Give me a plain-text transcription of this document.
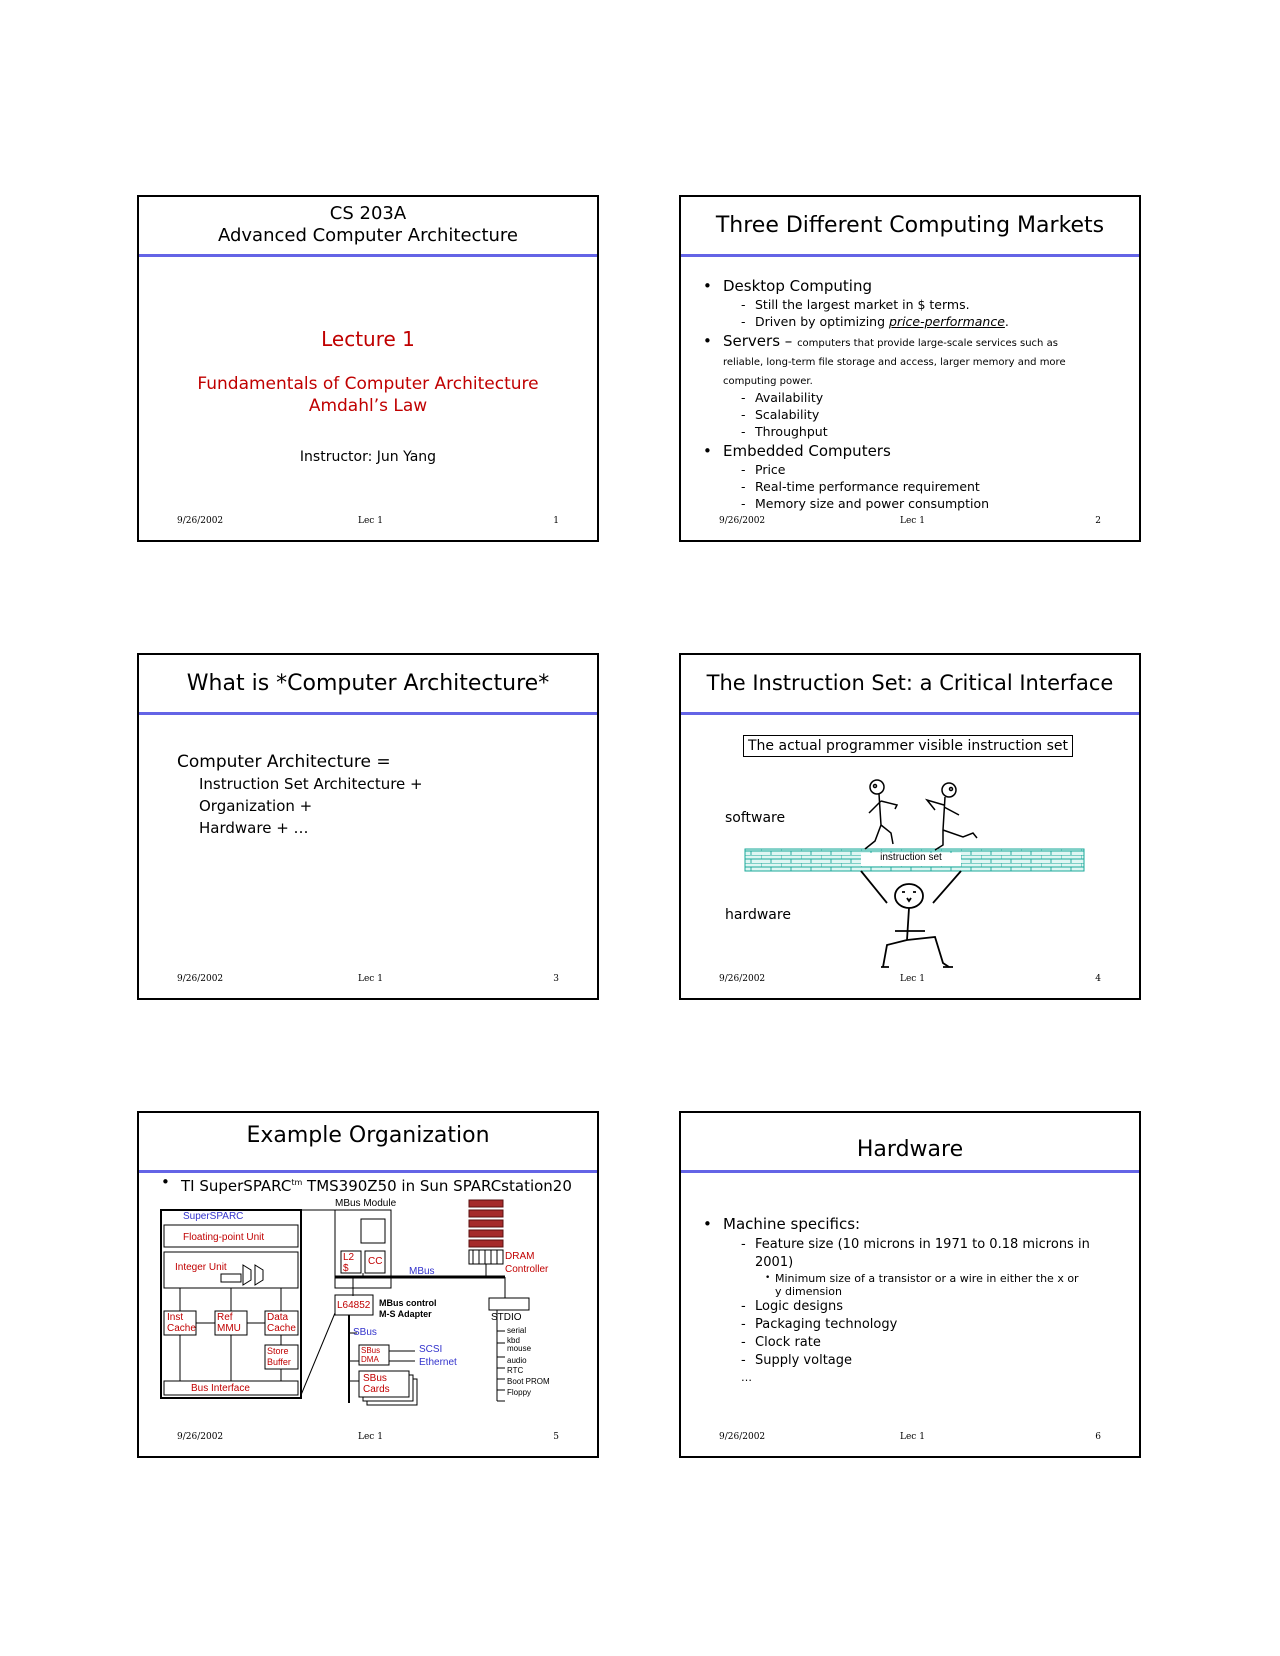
CS 203A
Advanced Computer Architecture
Lecture 1
Fundamentals of Computer Architecture
Amdahl’s Law
Instructor: Jun Yang
9/26/2002	Lec 1	1
Three Different Computing Markets
• Desktop Computing
- Still the largest market in $ terms.
- Driven by optimizing price-performance.
• Servers – computers that provide large-scale services such as reliable, long-term file storage and access, larger memory and more computing power.
- Availability
- Scalability
- Throughput
• Embedded Computers
- Price
- Real-time performance requirement
- Memory size and power consumption
9/26/2002	Lec 1	2
What is *Computer Architecture*
Computer Architecture =
Instruction Set Architecture +
Organization +
Hardware + …
9/26/2002	Lec 1	3
The Instruction Set: a Critical Interface
The actual programmer visible instruction set
software
hardware
instruction set
9/26/2002	Lec 1	4
Example Organization
• TI SuperSPARC$^{tm}$ TMS390Z50 in Sun SPARCstation20
SuperSPARC
Floating-point Unit
Integer Unit
Inst Cache
Ref MMU
Data Cache
Store Buffer
Bus Interface
MBus Module
L2 $
CC
MBus
DRAM
Controller
L64852 MBus control
M-S Adapter
SBus
SBus DMA
SCSI
Ethernet
SBus Cards
STDIO
serial
kbd
mouse
audio
RTC
Boot PROM
Floppy
9/26/2002	Lec 1	5
Hardware
• Machine specifics:
- Feature size (10 microns in 1971 to 0.18 microns in 2001)
• Minimum size of a transistor or a wire in either the x or y dimension
- Logic designs
- Packaging technology
- Clock rate
- Supply voltage
…
9/26/2002	Lec 1	6
